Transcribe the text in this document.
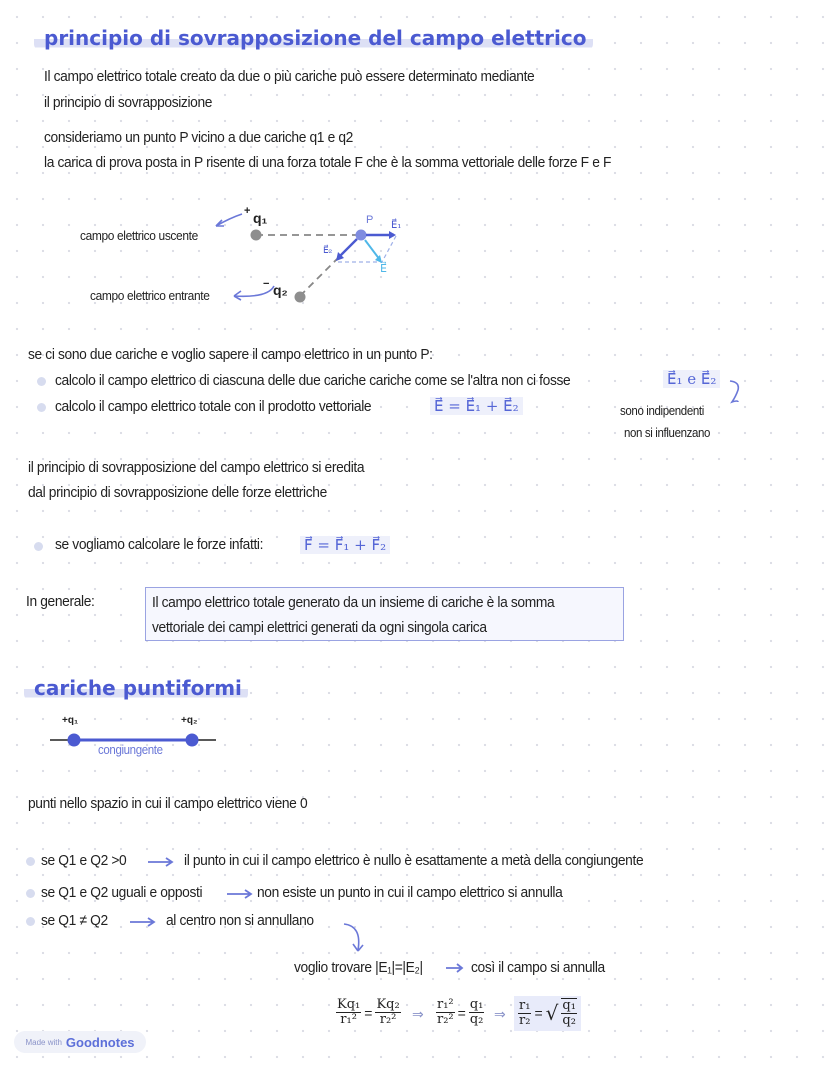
principio di sovrapposizione del campo elettrico
Il campo elettrico totale creato da due o più cariche può essere determinato mediante
il principio di sovrapposizione
consideriamo un punto P vicino a due cariche q1 e q2
la carica di prova posta in P risente di una forza totale F che è la somma vettoriale delle forze F e F
campo elettrico uscente
campo elettrico entrante
+ q₁
− q₂
P E⃗₁
E⃗₂
E⃗
se ci sono due cariche e voglio sapere il campo elettrico in un punto P:
calcolo il campo elettrico di ciascuna delle due cariche cariche come se l'altra non ci fosse	E⃗₁ e E⃗₂
calcolo il campo elettrico totale con il prodotto vettoriale	E⃗ = E⃗₁ + E⃗₂	sono indipendenti
non si influenzano
il principio di sovrapposizione del campo elettrico si eredita
dal principio di sovrapposizione delle forze elettriche
se vogliamo calcolare le forze infatti:	F⃗ = F⃗₁ + F⃗₂
In generale:	Il campo elettrico totale generato da un insieme di cariche è la somma
vettoriale dei campi elettrici generati da ogni singola carica
cariche puntiformi
+q₁	+q₂
congiungente
punti nello spazio in cui il campo elettrico viene 0
se Q1 e Q2 >0	il punto in cui il campo elettrico è nullo è esattamente a metà della congiungente
se Q1 e Q2 uguali e opposti	non esiste un punto in cui il campo elettrico si annulla
se Q1 ≠ Q2	al centro non si annullano
voglio trovare |E₁|=|E₂|	così il campo si annulla
$\frac{\text{Kq₁}}{\text{r₁²}} = \frac{\text{Kq₂}}{\text{r₂²}}$ ⇒ $\frac{\text{r₁²}}{\text{r₂²}} = \frac{\text{q₁}}{\text{q₂}}$ ⇒ $\frac{\text{r₁}}{\text{r₂}}$ = √ $\frac{\text{q₁}}{\text{q₂}}$
Made with Goodnotes
